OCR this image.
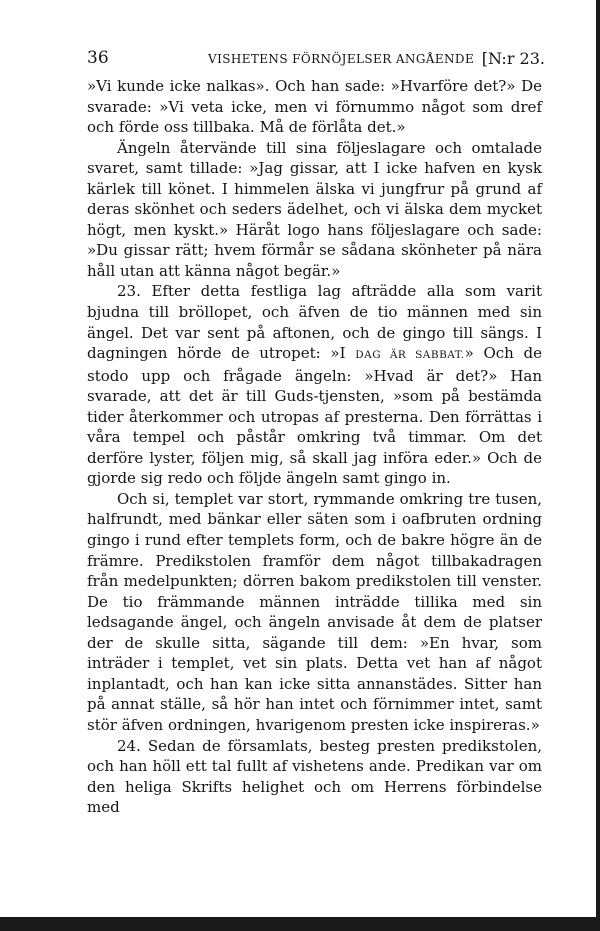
36	VISHETENS FÖRNÖJELSER ANGÅENDE [N:r 23.

»Vi kunde icke nalkas». Och han sade: »Hvarföre det?» De svarade: »Vi veta icke, men vi förnummo något som dref och förde oss tillbaka. Må de förlåta det.»

Ängeln återvände till sina följeslagare och omtalade svaret, samt tillade: »Jag gissar, att I icke hafven en kysk kärlek till könet. I himmelen älska vi jungfrur på grund af deras skönhet och seders ädelhet, och vi älska dem mycket högt, men kyskt.» Häråt logo hans följeslagare och sade: »Du gissar rätt; hvem förmår se sådana skönheter på nära håll utan att känna något begär.»

23. Efter detta festliga lag afträdde alla som varit bjudna till bröllopet, och äfven de tio männen med sin ängel. Det var sent på aftonen, och de gingo till sängs. I dagningen hörde de utropet: »I DAG ÄR SABBAT.» Och de stodo upp och frågade ängeln: »Hvad är det?» Han svarade, att det är till Guds-tjensten, »som på bestämda tider återkommer och utropas af presterna. Den förrättas i våra tempel och påstår omkring två timmar. Om det derföre lyster, följen mig, så skall jag införa eder.» Och de gjorde sig redo och följde ängeln samt gingo in.

Och si, templet var stort, rymmande omkring tre tusen, halfrundt, med bänkar eller säten som i oafbruten ordning gingo i rund efter templets form, och de bakre högre än de främre. Predikstolen framför dem något tillbakadragen från medelpunkten; dörren bakom predikstolen till venster. De tio främmande männen inträdde tillika med sin ledsagande ängel, och ängeln anvisade åt dem de platser der de skulle sitta, sägande till dem: »En hvar, som inträder i templet, vet sin plats. Detta vet han af något inplantadt, och han kan icke sitta annanstädes. Sitter han på annat ställe, så hör han intet och förnimmer intet, samt stör äfven ordningen, hvarigenom presten icke inspireras.»

24. Sedan de församlats, besteg presten predikstolen, och han höll ett tal fullt af vishetens ande. Predikan var om den heliga Skrifts helighet och om Herrens förbindelse med
